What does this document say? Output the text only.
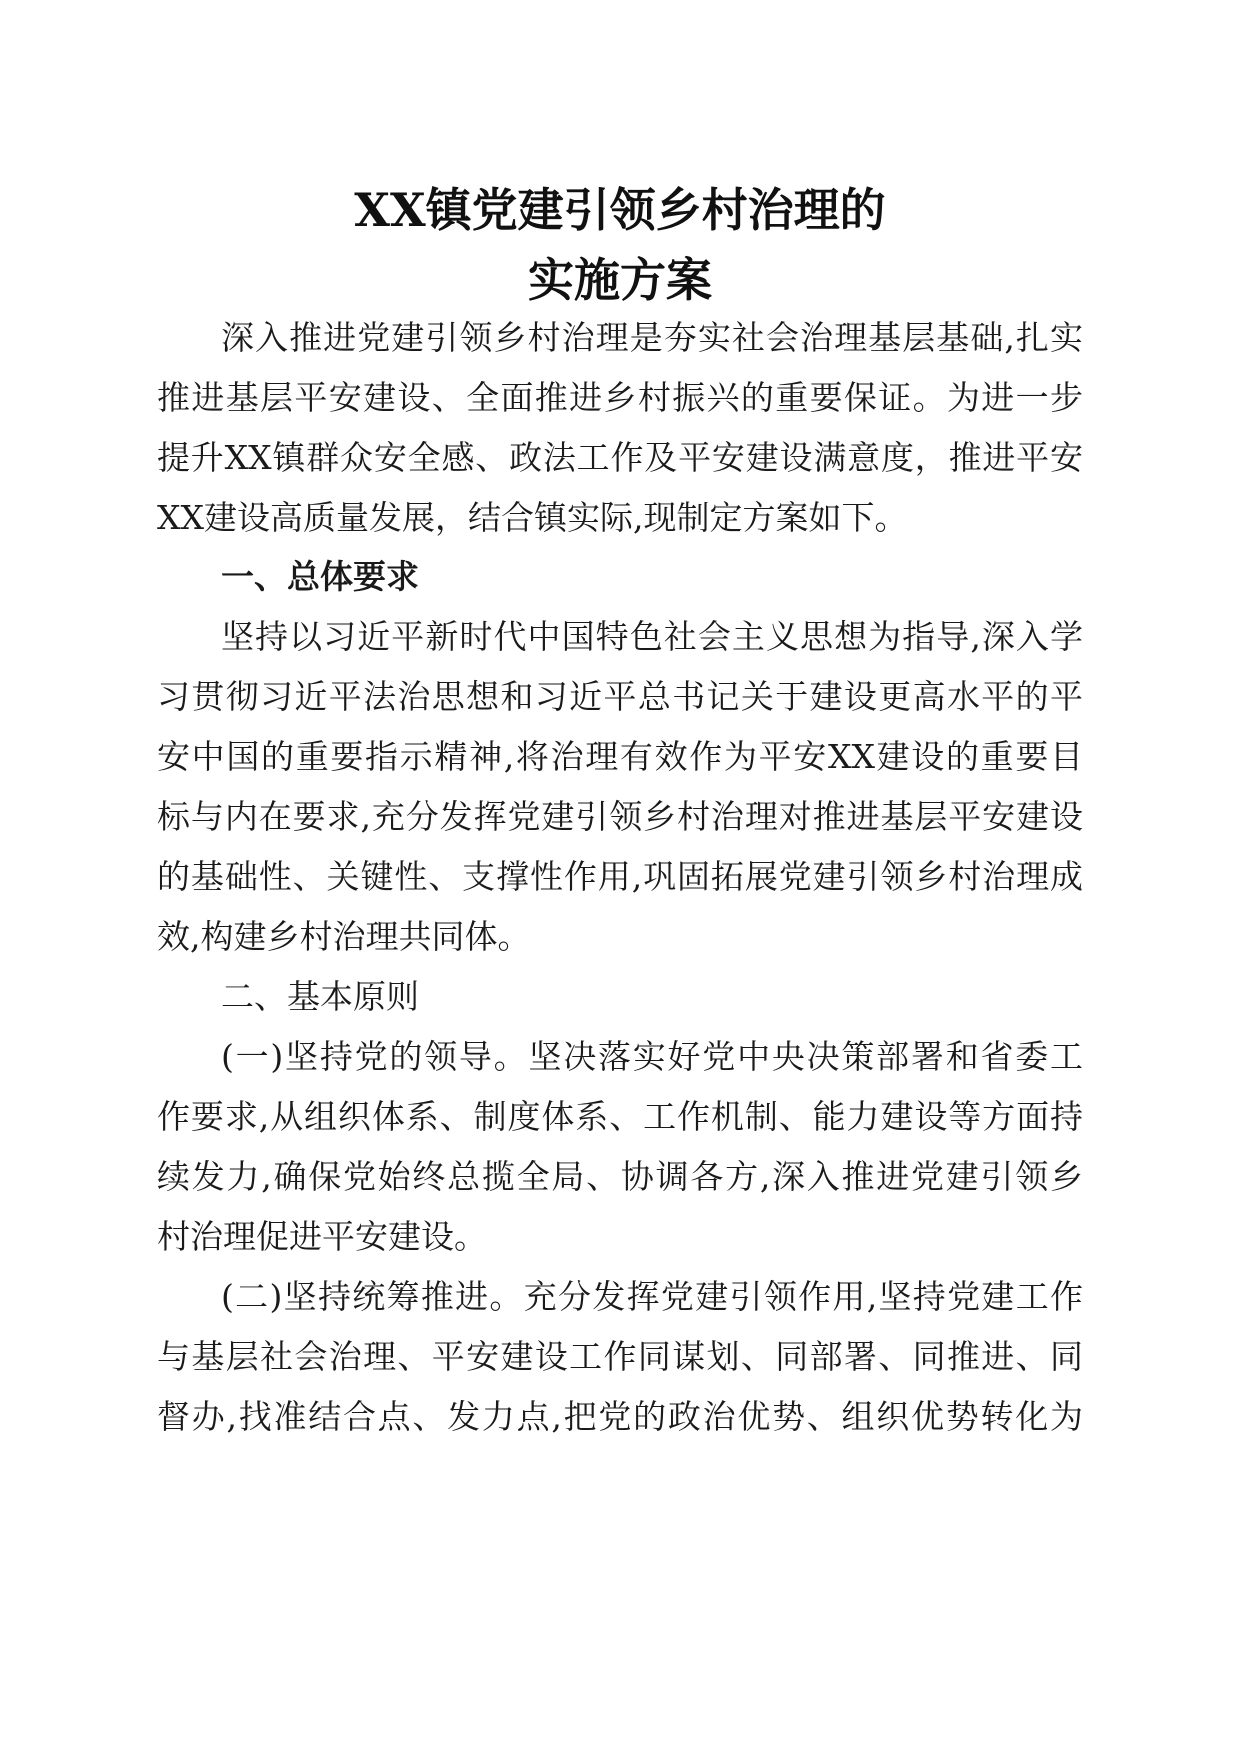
XX镇党建引领乡村治理的
实施方案

深入推进党建引领乡村治理是夯实社会治理基层基础,扎实

推进基层平安建设、全面推进乡村振兴的重要保证。为进一步

提升XX镇群众安全感、政法工作及平安建设满意度，推进平安

XX建设高质量发展，结合镇实际,现制定方案如下。

一、总体要求

坚持以习近平新时代中国特色社会主义思想为指导,深入学

习贯彻习近平法治思想和习近平总书记关于建设更高水平的平

安中国的重要指示精神,将治理有效作为平安XX建设的重要目

标与内在要求,充分发挥党建引领乡村治理对推进基层平安建设

的基础性、关键性、支撑性作用,巩固拓展党建引领乡村治理成

效,构建乡村治理共同体。

二、基本原则

(一)坚持党的领导。坚决落实好党中央决策部署和省委工

作要求,从组织体系、制度体系、工作机制、能力建设等方面持

续发力,确保党始终总揽全局、协调各方,深入推进党建引领乡

村治理促进平安建设。

(二)坚持统筹推进。充分发挥党建引领作用,坚持党建工作

与基层社会治理、平安建设工作同谋划、同部署、同推进、同

督办,找准结合点、发力点,把党的政治优势、组织优势转化为
